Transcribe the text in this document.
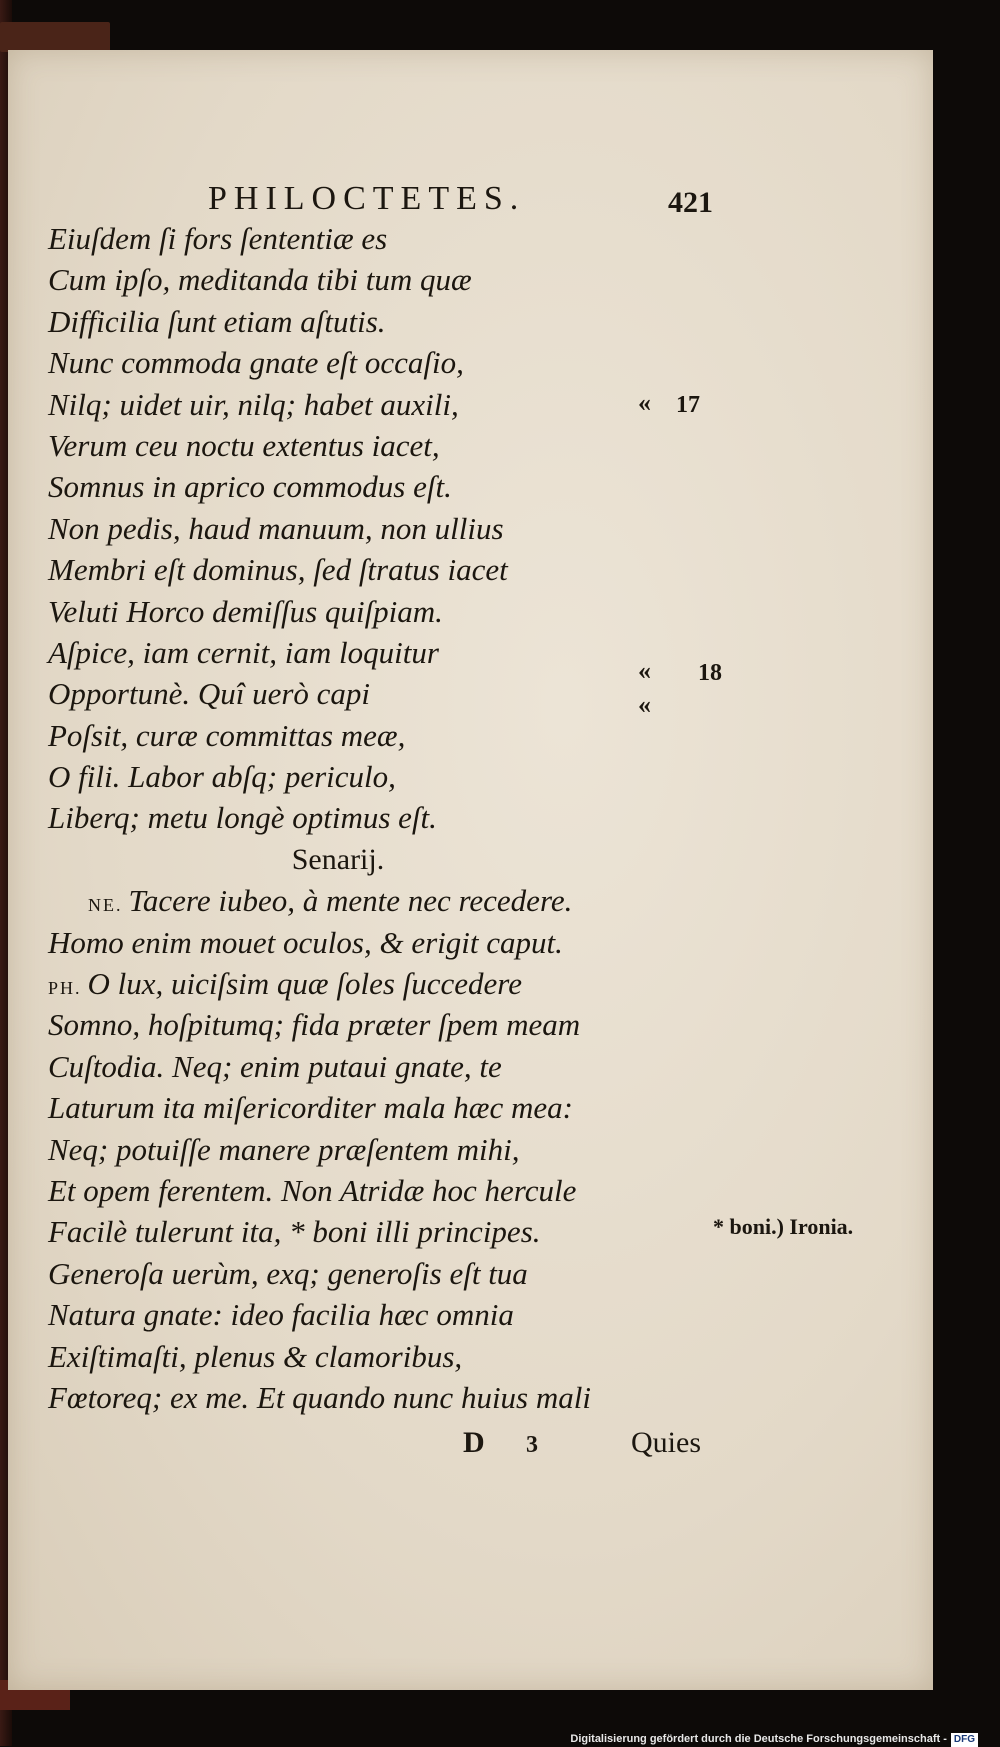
PHILOCTETES.	421
Eiuſdem ſi fors ſententiæ es
Cum ipſo, meditanda tibi tum quæ
Difficilia ſunt etiam aſtutis.
Nunc commoda gnate eſt occaſio,
Nilq; uidet uir, nilq; habet auxili,
Verum ceu noctu extentus iacet,
Somnus in aprico commodus eſt.
Non pedis, haud manuum, non ullius
Membri eſt dominus, ſed ſtratus iacet
Veluti Horco demiſſus quiſpiam.
Aſpice, iam cernit, iam loquitur
Opportunè. Quî uerò capi
Poſsit, curæ committas meæ,
O fili. Labor abſq; periculo,
Liberq; metu longè optimus eſt.
Senarij.
NE. Tacere iubeo, à mente nec recedere.
Homo enim mouet oculos, & erigit caput.
PH. O lux, uiciſsim quæ ſoles ſuccedere
Somno, hoſpitumq; fida præter ſpem meam
Cuſtodia. Neq; enim putaui gnate, te
Laturum ita miſericorditer mala hæc mea:
Neq; potuiſſe manere præſentem mihi,
Et opem ferentem. Non Atridæ hoc hercule
Facilè tulerunt ita, * boni illi principes.
Generoſa uerùm, exq; generoſis eſt tua
Natura gnate: ideo facilia hæc omnia
Exiſtimaſti, plenus & clamoribus,
Fœtoreq; ex me. Et quando nunc huius mali
« 17
« 18
«
* boni.) Ironia.
D 3	Quies
Digitalisierung gefördert durch die Deutsche Forschungsgemeinschaft - DFG
